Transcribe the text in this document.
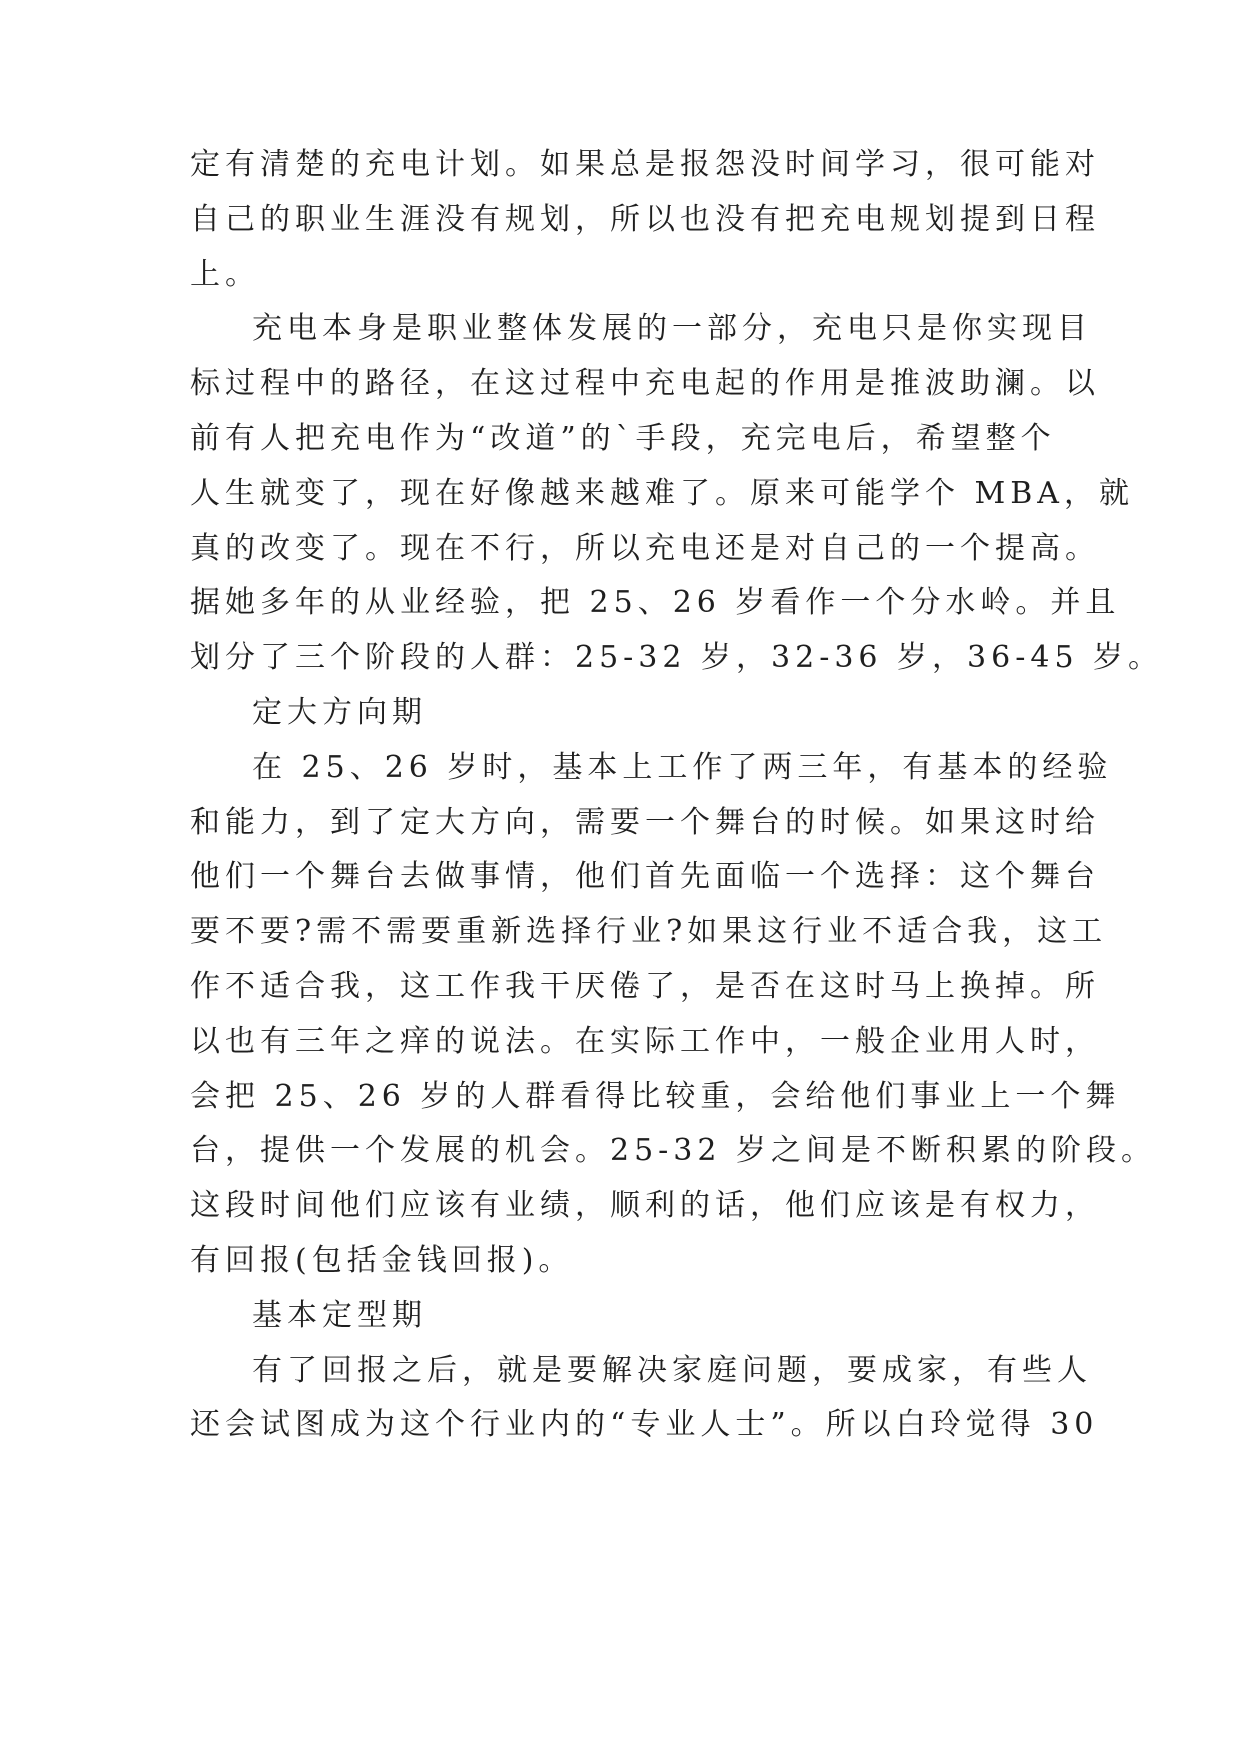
定有清楚的充电计划。如果总是报怨没时间学习，很可能对
自己的职业生涯没有规划，所以也没有把充电规划提到日程
上。
充电本身是职业整体发展的一部分，充电只是你实现目
标过程中的路径，在这过程中充电起的作用是推波助澜。以
前有人把充电作为“改道”的`手段，充完电后，希望整个
人生就变了，现在好像越来越难了。原来可能学个 MBA，就
真的改变了。现在不行，所以充电还是对自己的一个提高。
据她多年的从业经验，把 25、26 岁看作一个分水岭。并且
划分了三个阶段的人群：25-32 岁，32-36 岁，36-45 岁。
定大方向期
在 25、26 岁时，基本上工作了两三年，有基本的经验
和能力，到了定大方向，需要一个舞台的时候。如果这时给
他们一个舞台去做事情，他们首先面临一个选择：这个舞台
要不要?需不需要重新选择行业?如果这行业不适合我，这工
作不适合我，这工作我干厌倦了，是否在这时马上换掉。所
以也有三年之痒的说法。在实际工作中，一般企业用人时，
会把 25、26 岁的人群看得比较重，会给他们事业上一个舞
台，提供一个发展的机会。25-32 岁之间是不断积累的阶段。
这段时间他们应该有业绩，顺利的话，他们应该是有权力，
有回报(包括金钱回报)。
基本定型期
有了回报之后，就是要解决家庭问题，要成家，有些人
还会试图成为这个行业内的“专业人士”。所以白玲觉得 30
